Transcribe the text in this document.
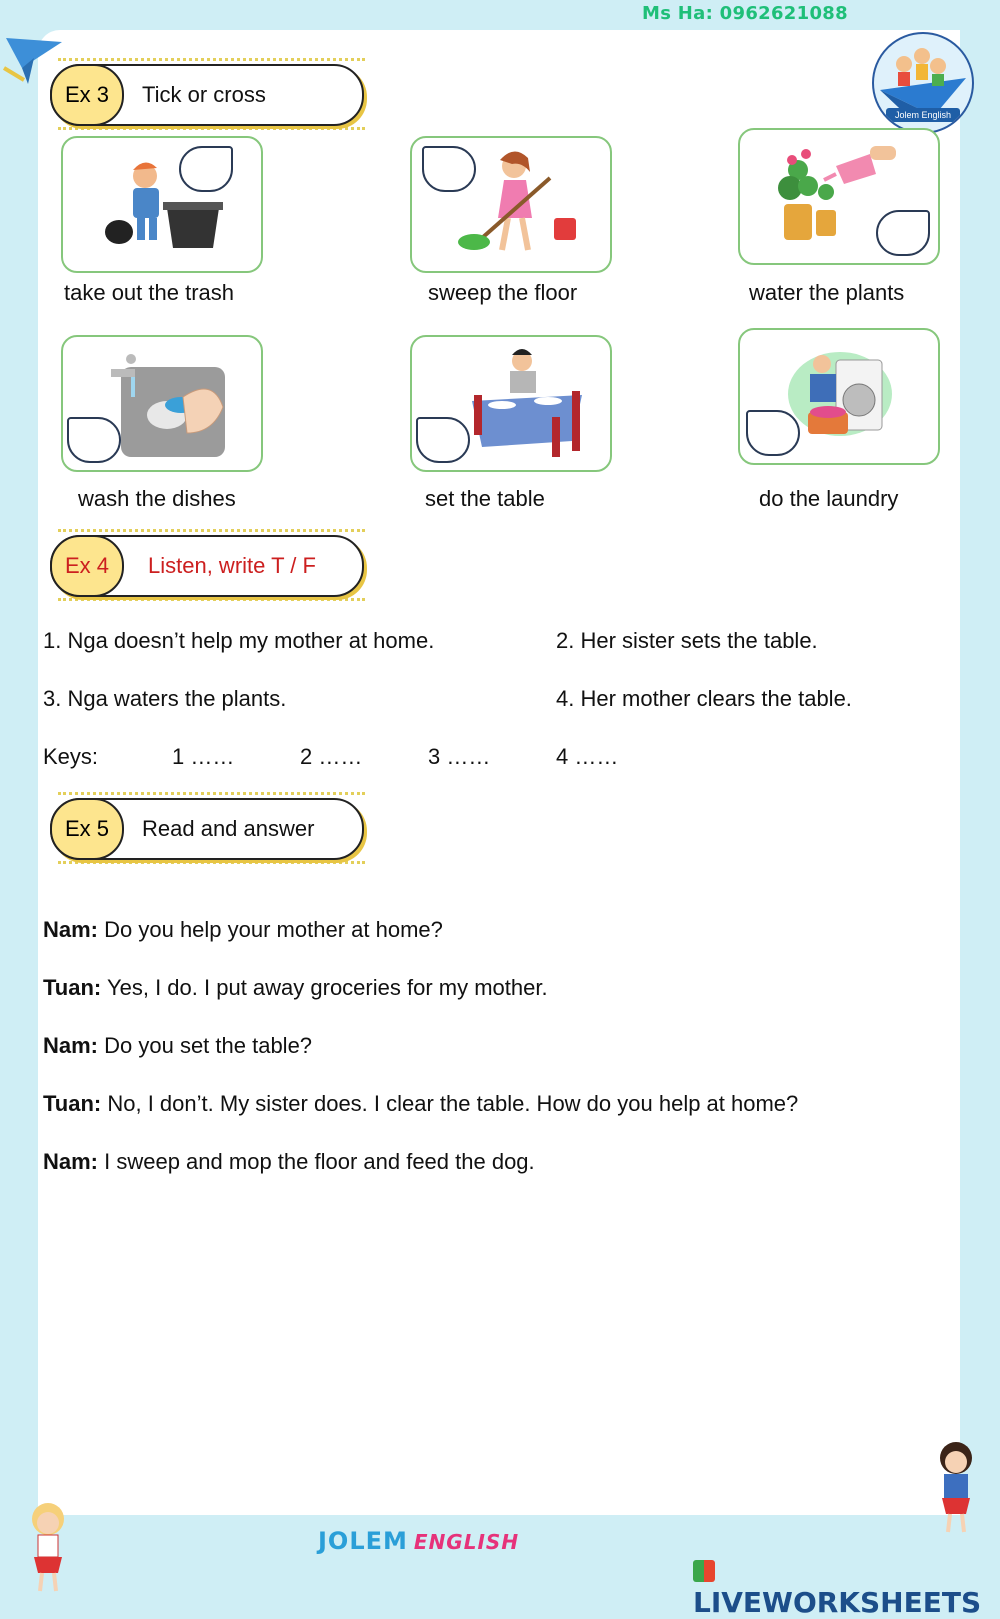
Ms Ha: 0962621088
Jolem English
Ex 3 Tick or cross
take out the trash	sweep the floor	water the plants
wash the dishes	set the table	do the laundry
Ex 4 Listen, write T / F
1. Nga doesn’t help my mother at home.	2. Her sister sets the table.
3. Nga waters the plants.	4. Her mother clears the table.
Keys:	1 ……	2 ……	3 ……	4 ……
Ex 5 Read and answer
Nam: Do you help your mother at home?
Tuan: Yes, I do. I put away groceries for my mother.
Nam: Do you set the table?
Tuan: No, I don’t. My sister does. I clear the table. How do you help at home?
Nam: I sweep and mop the floor and feed the dog.
JOLEM ENGLISH
LIVEWORKSHEETS
